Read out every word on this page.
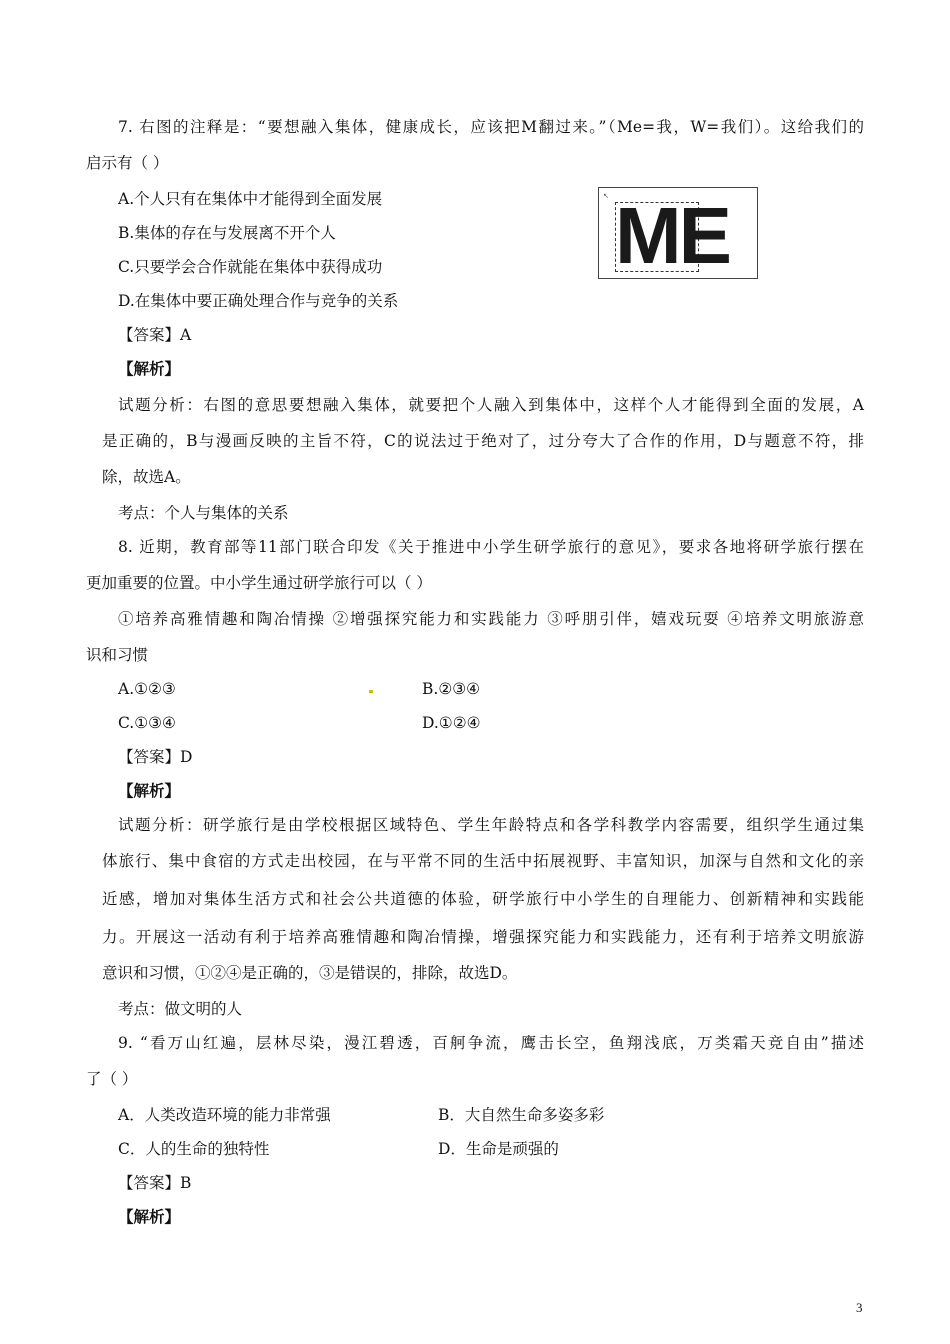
7. 右图的注释是：“要想融入集体，健康成长，应该把M翻过来。”（Me=我，W=我们）。这给我们的
启示有（ ）
A.个人只有在集体中才能得到全面发展
B.集体的存在与发展离不开个人
C.只要学会合作就能在集体中获得成功
D.在集体中要正确处理合作与竞争的关系
↖ ME
【答案】A
【解析】
试题分析：右图的意思要想融入集体，就要把个人融入到集体中，这样个人才能得到全面的发展，A
是正确的，B与漫画反映的主旨不符，C的说法过于绝对了，过分夸大了合作的作用，D与题意不符，排
除，故选A。
考点：个人与集体的关系
8. 近期，教育部等11部门联合印发《关于推进中小学生研学旅行的意见》，要求各地将研学旅行摆在
更加重要的位置。中小学生通过研学旅行可以（ ）
①培养高雅情趣和陶冶情操 ②增强探究能力和实践能力 ③呼朋引伴，嬉戏玩耍 ④培养文明旅游意
识和习惯
A.①②③	B.②③④
C.①③④	D.①②④
【答案】D
【解析】
试题分析：研学旅行是由学校根据区域特色、学生年龄特点和各学科教学内容需要，组织学生通过集
体旅行、集中食宿的方式走出校园，在与平常不同的生活中拓展视野、丰富知识，加深与自然和文化的亲
近感，增加对集体生活方式和社会公共道德的体验，研学旅行中小学生的自理能力、创新精神和实践能
力。开展这一活动有利于培养高雅情趣和陶冶情操，增强探究能力和实践能力，还有利于培养文明旅游
意识和习惯，①②④是正确的，③是错误的，排除，故选D。
考点：做文明的人
9. “看万山红遍，层林尽染，漫江碧透，百舸争流，鹰击长空，鱼翔浅底，万类霜天竞自由”描述
了（ ）
A．人类改造环境的能力非常强	B．大自然生命多姿多彩
C．人的生命的独特性	D．生命是顽强的
【答案】B
【解析】
3
